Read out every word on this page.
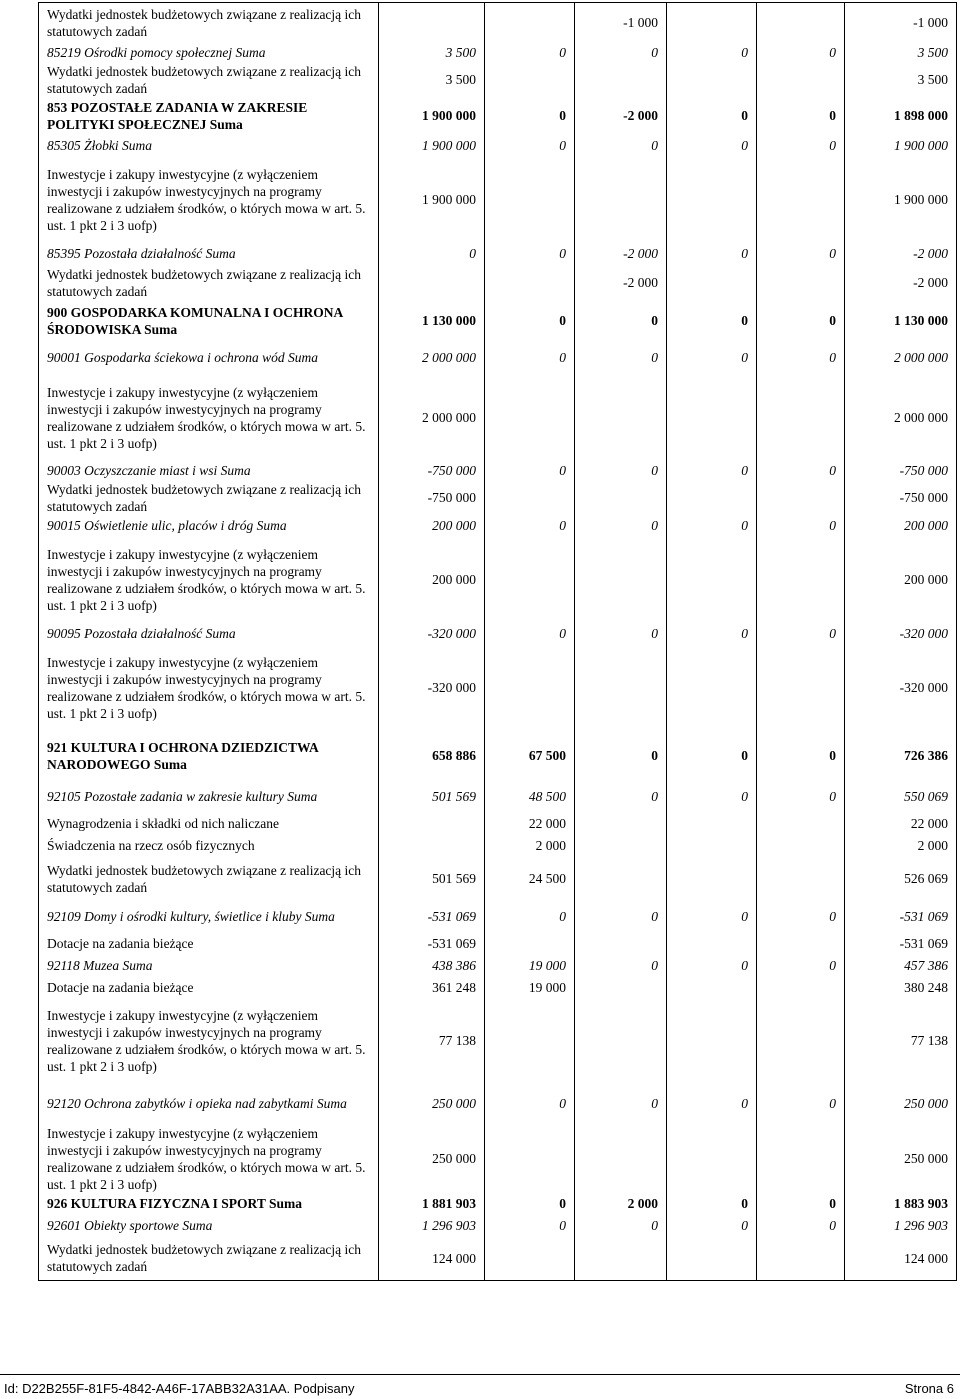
Wydatki jednostek budżetowych związane z realizacją ich statutowych zadań			-1 000			-1 000
85219 Ośrodki pomocy społecznej Suma	3 500	0	0	0	0	3 500
Wydatki jednostek budżetowych związane z realizacją ich statutowych zadań	3 500					3 500
853 POZOSTAŁE ZADANIA W ZAKRESIE POLITYKI SPOŁECZNEJ Suma	1 900 000	0	-2 000	0	0	1 898 000
85305 Żłobki Suma	1 900 000	0	0	0	0	1 900 000
Inwestycje i zakupy inwestycyjne (z wyłączeniem inwestycji i zakupów inwestycyjnych na programy realizowane z udziałem środków, o których mowa w art. 5. ust. 1 pkt 2 i 3 uofp)	1 900 000					1 900 000
85395 Pozostała działalność Suma	0	0	-2 000	0	0	-2 000
Wydatki jednostek budżetowych związane z realizacją ich statutowych zadań			-2 000			-2 000
900 GOSPODARKA KOMUNALNA I OCHRONA ŚRODOWISKA Suma	1 130 000	0	0	0	0	1 130 000
90001 Gospodarka ściekowa i ochrona wód Suma	2 000 000	0	0	0	0	2 000 000
Inwestycje i zakupy inwestycyjne (z wyłączeniem inwestycji i zakupów inwestycyjnych na programy realizowane z udziałem środków, o których mowa w art. 5. ust. 1 pkt 2 i 3 uofp)	2 000 000					2 000 000
90003 Oczyszczanie miast i wsi Suma	-750 000	0	0	0	0	-750 000
Wydatki jednostek budżetowych związane z realizacją ich statutowych zadań	-750 000					-750 000
90015 Oświetlenie ulic, placów i dróg Suma	200 000	0	0	0	0	200 000
Inwestycje i zakupy inwestycyjne (z wyłączeniem inwestycji i zakupów inwestycyjnych na programy realizowane z udziałem środków, o których mowa w art. 5. ust. 1 pkt 2 i 3 uofp)	200 000					200 000
90095 Pozostała działalność Suma	-320 000	0	0	0	0	-320 000
Inwestycje i zakupy inwestycyjne (z wyłączeniem inwestycji i zakupów inwestycyjnych na programy realizowane z udziałem środków, o których mowa w art. 5. ust. 1 pkt 2 i 3 uofp)	-320 000					-320 000
921 KULTURA I OCHRONA DZIEDZICTWA NARODOWEGO Suma	658 886	67 500	0	0	0	726 386
92105 Pozostałe zadania w zakresie kultury Suma	501 569	48 500	0	0	0	550 069
Wynagrodzenia i składki od nich naliczane		22 000				22 000
Świadczenia na rzecz osób fizycznych		2 000				2 000
Wydatki jednostek budżetowych związane z realizacją ich statutowych zadań	501 569	24 500				526 069
92109 Domy i ośrodki kultury, świetlice i kluby Suma	-531 069	0	0	0	0	-531 069
Dotacje na zadania bieżące	-531 069					-531 069
92118 Muzea Suma	438 386	19 000	0	0	0	457 386
Dotacje na zadania bieżące	361 248	19 000				380 248
Inwestycje i zakupy inwestycyjne (z wyłączeniem inwestycji i zakupów inwestycyjnych na programy realizowane z udziałem środków, o których mowa w art. 5. ust. 1 pkt 2 i 3 uofp)	77 138					77 138
92120 Ochrona zabytków i opieka nad zabytkami Suma	250 000	0	0	0	0	250 000
Inwestycje i zakupy inwestycyjne (z wyłączeniem inwestycji i zakupów inwestycyjnych na programy realizowane z udziałem środków, o których mowa w art. 5. ust. 1 pkt 2 i 3 uofp)	250 000					250 000
926 KULTURA FIZYCZNA I SPORT Suma	1 881 903	0	2 000	0	0	1 883 903
92601 Obiekty sportowe Suma	1 296 903	0	0	0	0	1 296 903
Wydatki jednostek budżetowych związane z realizacją ich statutowych zadań	124 000					124 000
Id: D22B255F-81F5-4842-A46F-17ABB32A31AA. Podpisany	Strona 6
